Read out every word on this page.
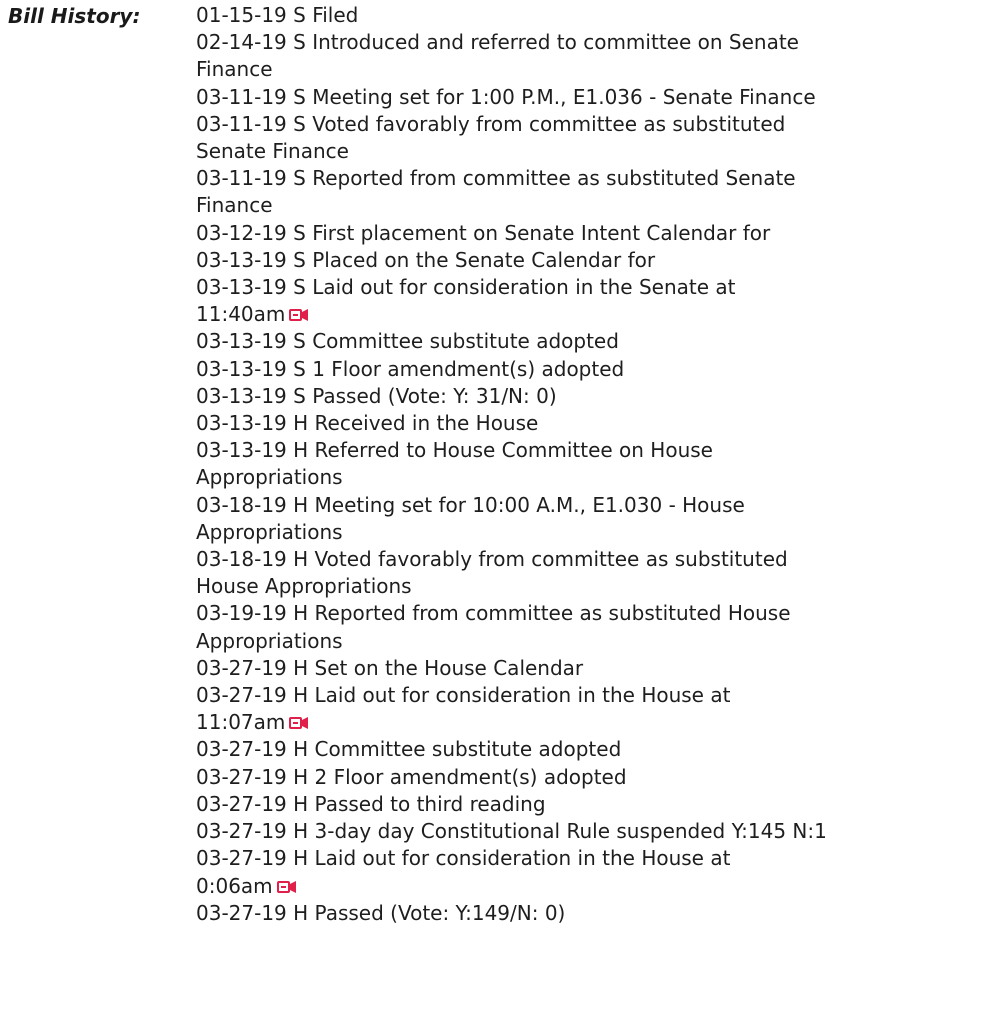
Bill History:	01-15-19 S Filed
02-14-19 S Introduced and referred to committee on Senate
Finance
03-11-19 S Meeting set for 1:00 P.M., E1.036 - Senate Finance
03-11-19 S Voted favorably from committee as substituted
Senate Finance
03-11-19 S Reported from committee as substituted Senate
Finance
03-12-19 S First placement on Senate Intent Calendar for
03-13-19 S Placed on the Senate Calendar for
03-13-19 S Laid out for consideration in the Senate at
11:40am
03-13-19 S Committee substitute adopted
03-13-19 S 1 Floor amendment(s) adopted
03-13-19 S Passed (Vote: Y: 31/N: 0)
03-13-19 H Received in the House
03-13-19 H Referred to House Committee on House
Appropriations
03-18-19 H Meeting set for 10:00 A.M., E1.030 - House
Appropriations
03-18-19 H Voted favorably from committee as substituted
House Appropriations
03-19-19 H Reported from committee as substituted House
Appropriations
03-27-19 H Set on the House Calendar
03-27-19 H Laid out for consideration in the House at
11:07am
03-27-19 H Committee substitute adopted
03-27-19 H 2 Floor amendment(s) adopted
03-27-19 H Passed to third reading
03-27-19 H 3-day day Constitutional Rule suspended Y:145 N:1
03-27-19 H Laid out for consideration in the House at
0:06am
03-27-19 H Passed (Vote: Y:149/N: 0)
